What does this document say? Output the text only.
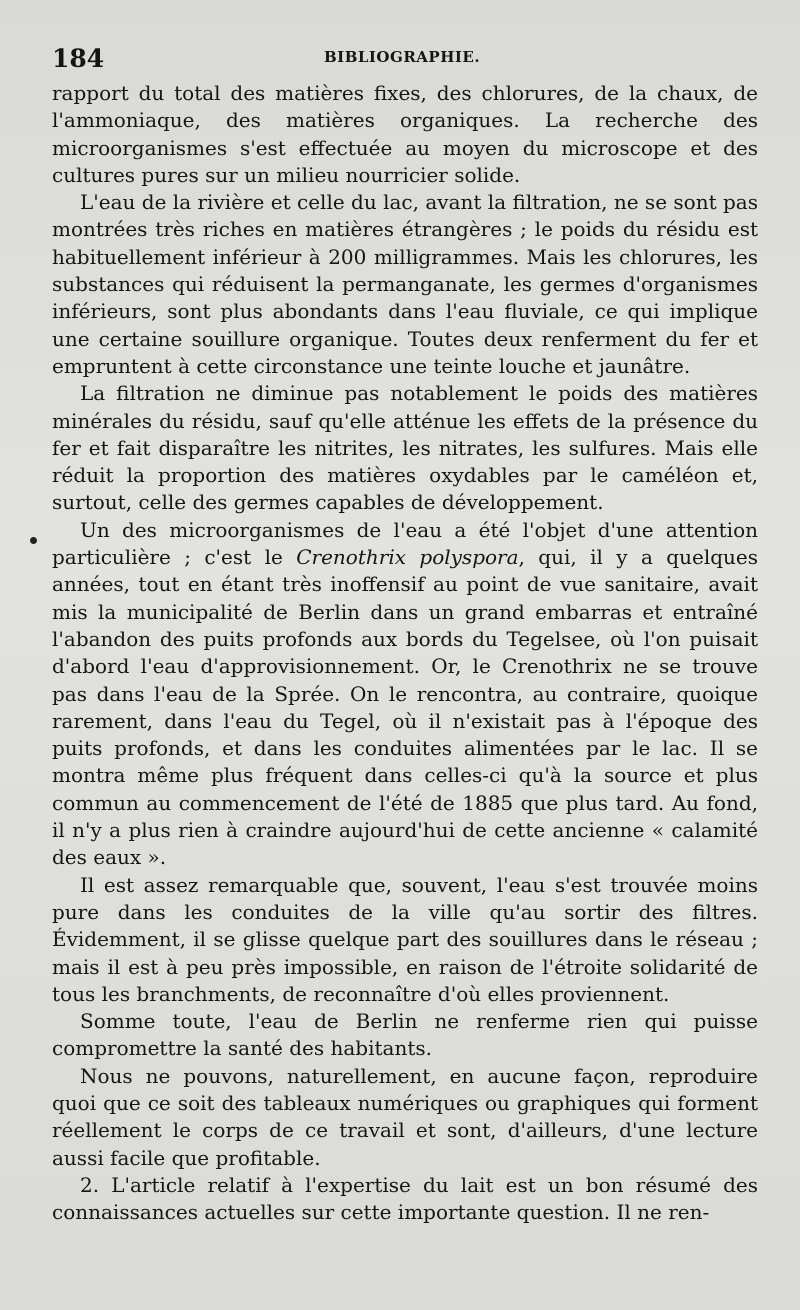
184	BIBLIOGRAPHIE.

rapport du total des matières fixes, des chlorures, de la chaux, de l'ammoniaque, des matières organiques. La recherche des microorganismes s'est effectuée au moyen du microscope et des cultures pures sur un milieu nourricier solide.

L'eau de la rivière et celle du lac, avant la filtration, ne se sont pas montrées très riches en matières étrangères ; le poids du résidu est habituellement inférieur à 200 milligrammes. Mais les chlorures, les substances qui réduisent la permanganate, les germes d'organismes inférieurs, sont plus abondants dans l'eau fluviale, ce qui implique une certaine souillure organique. Toutes deux renferment du fer et empruntent à cette circonstance une teinte louche et jaunâtre.

La filtration ne diminue pas notablement le poids des matières minérales du résidu, sauf qu'elle atténue les effets de la présence du fer et fait disparaître les nitrites, les nitrates, les sulfures. Mais elle réduit la proportion des matières oxydables par le caméléon et, surtout, celle des germes capables de développement.

Un des microorganismes de l'eau a été l'objet d'une attention particulière ; c'est le Crenothrix polyspora, qui, il y a quelques années, tout en étant très inoffensif au point de vue sanitaire, avait mis la municipalité de Berlin dans un grand embarras et entraîné l'abandon des puits profonds aux bords du Tegelsee, où l'on puisait d'abord l'eau d'approvisionnement. Or, le Crenothrix ne se trouve pas dans l'eau de la Sprée. On le rencontra, au contraire, quoique rarement, dans l'eau du Tegel, où il n'existait pas à l'époque des puits profonds, et dans les conduites alimentées par le lac. Il se montra même plus fréquent dans celles-ci qu'à la source et plus commun au commencement de l'été de 1885 que plus tard. Au fond, il n'y a plus rien à craindre aujourd'hui de cette ancienne « calamité des eaux ».

Il est assez remarquable que, souvent, l'eau s'est trouvée moins pure dans les conduites de la ville qu'au sortir des filtres. Évidemment, il se glisse quelque part des souillures dans le réseau ; mais il est à peu près impossible, en raison de l'étroite solidarité de tous les branchments, de reconnaître d'où elles proviennent.

Somme toute, l'eau de Berlin ne renferme rien qui puisse compromettre la santé des habitants.

Nous ne pouvons, naturellement, en aucune façon, reproduire quoi que ce soit des tableaux numériques ou graphiques qui forment réellement le corps de ce travail et sont, d'ailleurs, d'une lecture aussi facile que profitable.

2. L'article relatif à l'expertise du lait est un bon résumé des connaissances actuelles sur cette importante question. Il ne ren-
